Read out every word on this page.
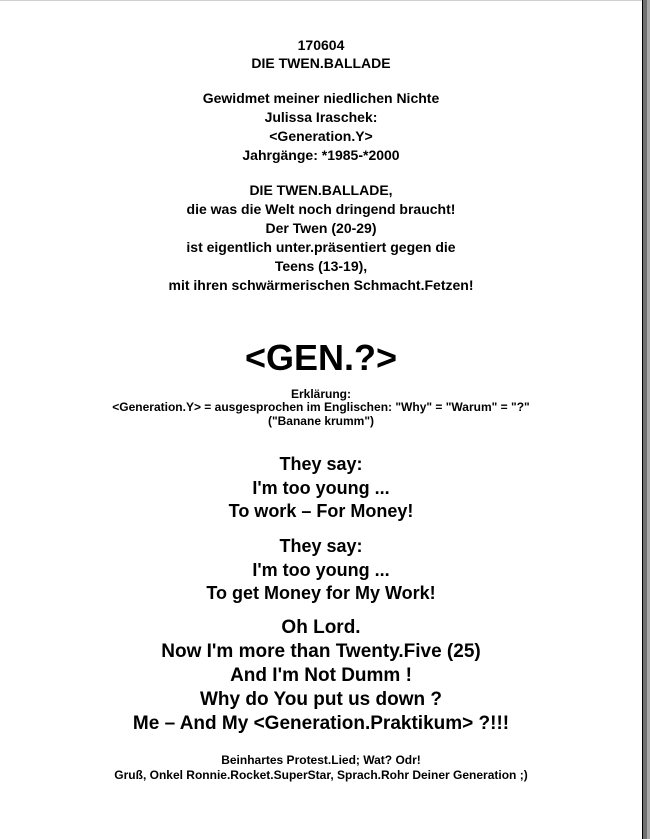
170604
DIE TWEN.BALLADE
Gewidmet meiner niedlichen Nichte
Julissa Iraschek:
<Generation.Y>
Jahrgänge: *1985-*2000
DIE TWEN.BALLADE,
die was die Welt noch dringend braucht!
Der Twen (20-29)
ist eigentlich unter.präsentiert gegen die
Teens (13-19),
mit ihren schwärmerischen Schmacht.Fetzen!
<GEN.?>
Erklärung:
<Generation.Y> = ausgesprochen im Englischen: "Why" = "Warum" = "?"
("Banane krumm")
They say:
I'm too young ...
To work – For Money!
They say:
I'm too young ...
To get Money for My Work!
Oh Lord.
Now I'm more than Twenty.Five (25)
And I'm Not Dumm !
Why do You put us down ?
Me – And My <Generation.Praktikum> ?!!!
Beinhartes Protest.Lied; Wat? Odr!
Gruß, Onkel Ronnie.Rocket.SuperStar, Sprach.Rohr Deiner Generation ;)
